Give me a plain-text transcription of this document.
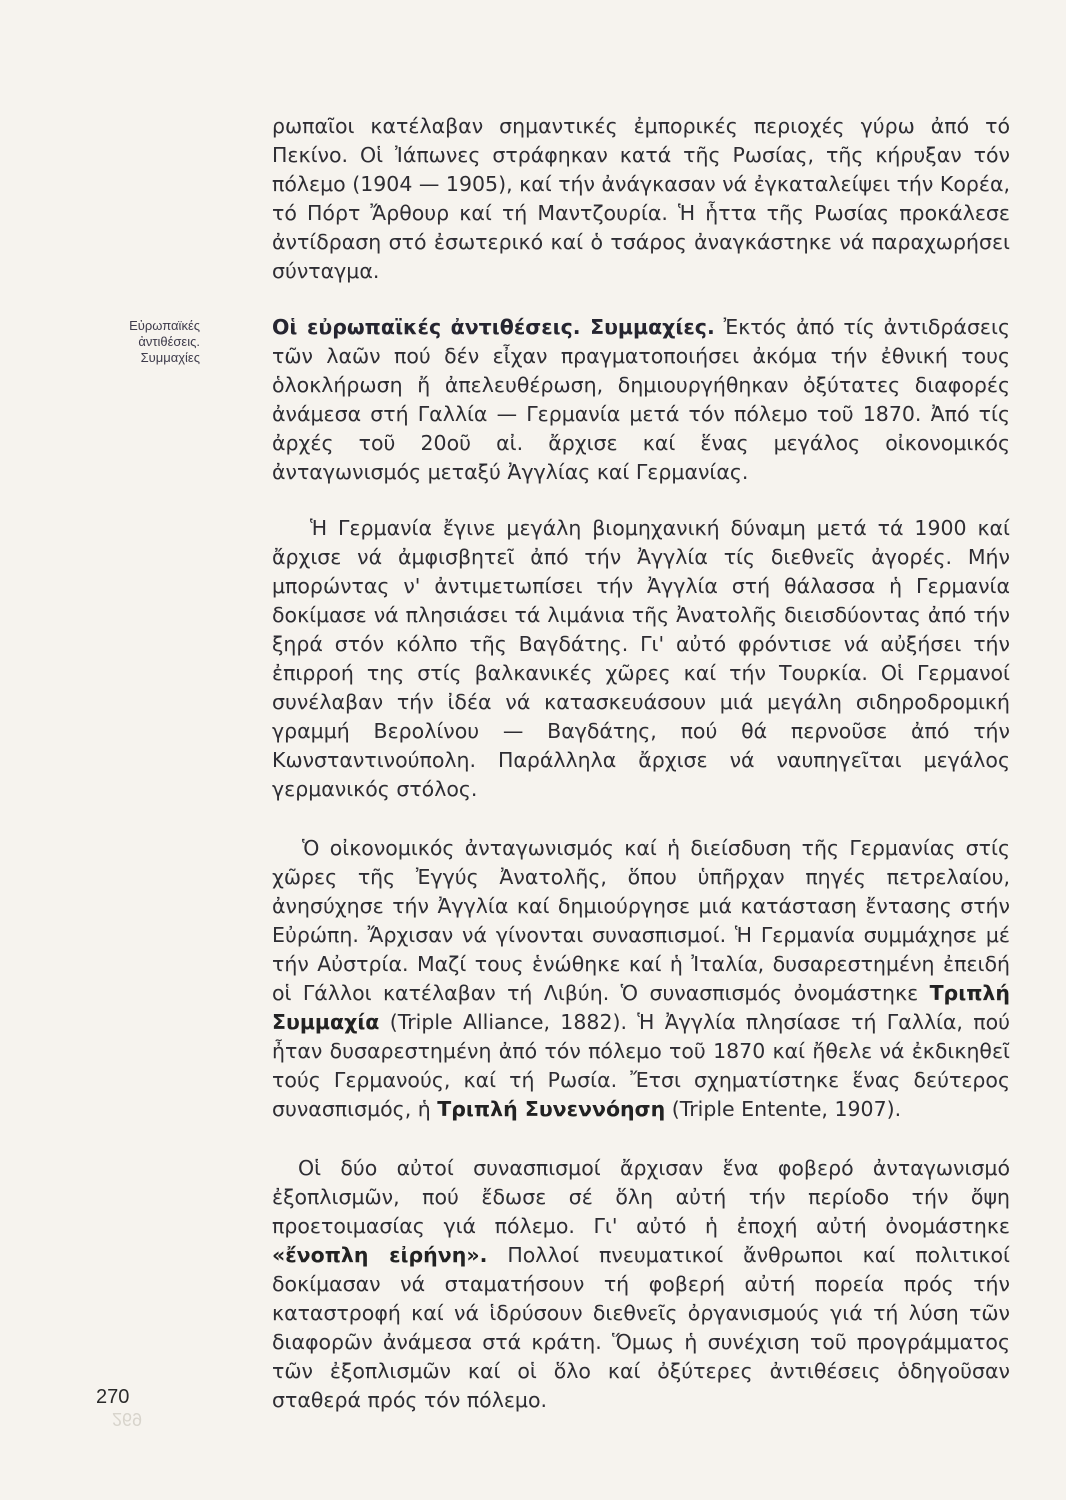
Εὐρωπαϊκές
ἀντιθέσεις.
Συμμαχίες

ρωπαῖοι κατέλαβαν σημαντικές ἐμπορικές περιοχές γύρω ἀπό τό Πεκίνο. Οἱ Ἰάπωνες στράφηκαν κατά τῆς Ρωσίας, τῆς κήρυξαν τόν πόλεμο (1904 — 1905), καί τήν ἀνάγκασαν νά ἐγκαταλείψει τήν Κορέα, τό Πόρτ Ἄρθουρ καί τή Μαντζουρία. Ἡ ἧττα τῆς Ρωσίας προκάλεσε ἀντίδραση στό ἐσωτερικό καί ὁ τσάρος ἀναγκάστηκε νά παραχωρήσει σύνταγμα.

Οἱ εὐρωπαϊκές ἀντιθέσεις. Συμμαχίες. Ἐκτός ἀπό τίς ἀντιδράσεις τῶν λαῶν πού δέν εἶχαν πραγματοποιήσει ἀκόμα τήν ἐθνική τους ὁλοκλήρωση ἤ ἀπελευθέρωση, δημιουργήθηκαν ὀξύτατες διαφορές ἀνάμεσα στή Γαλλία — Γερμανία μετά τόν πόλεμο τοῦ 1870. Ἀπό τίς ἀρχές τοῦ 20οῦ αἰ. ἄρχισε καί ἕνας μεγάλος οἰκονομικός ἀνταγωνισμός μεταξύ Ἀγγλίας καί Γερμανίας.

Ἡ Γερμανία ἔγινε μεγάλη βιομηχανική δύναμη μετά τά 1900 καί ἄρχισε νά ἀμφισβητεῖ ἀπό τήν Ἀγγλία τίς διεθνεῖς ἀγορές. Μήν μπορώντας ν' ἀντιμετωπίσει τήν Ἀγγλία στή θάλασσα ἡ Γερμανία δοκίμασε νά πλησιάσει τά λιμάνια τῆς Ἀνατολῆς διεισδύοντας ἀπό τήν ξηρά στόν κόλπο τῆς Βαγδάτης. Γι' αὐτό φρόντισε νά αὐξήσει τήν ἐπιρροή της στίς βαλκανικές χῶρες καί τήν Τουρκία. Οἱ Γερμανοί συνέλαβαν τήν ἰδέα νά κατασκευάσουν μιά μεγάλη σιδηροδρομική γραμμή Βερολίνου — Βαγδάτης, πού θά περνοῦσε ἀπό τήν Κωνσταντινούπολη. Παράλληλα ἄρχισε νά ναυπηγεῖται μεγάλος γερμανικός στόλος.

Ὁ οἰκονομικός ἀνταγωνισμός καί ἡ διείσδυση τῆς Γερμανίας στίς χῶρες τῆς Ἐγγύς Ἀνατολῆς, ὅπου ὑπῆρχαν πηγές πετρελαίου, ἀνησύχησε τήν Ἀγγλία καί δημιούργησε μιά κατάσταση ἔντασης στήν Εὐρώπη. Ἄρχισαν νά γίνονται συνασπισμοί. Ἡ Γερμανία συμμάχησε μέ τήν Αὐστρία. Μαζί τους ἑνώθηκε καί ἡ Ἰταλία, δυσαρεστημένη ἐπειδή οἱ Γάλλοι κατέλαβαν τή Λιβύη. Ὁ συνασπισμός ὀνομάστηκε Τριπλή Συμμαχία (Triple Alliance, 1882). Ἡ Ἀγγλία πλησίασε τή Γαλλία, πού ἦταν δυσαρεστημένη ἀπό τόν πόλεμο τοῦ 1870 καί ἤθελε νά ἐκδικηθεῖ τούς Γερμανούς, καί τή Ρωσία. Ἔτσι σχηματίστηκε ἕνας δεύτερος συνασπισμός, ἡ Τριπλή Συνεννόηση (Triple Entente, 1907).

Οἱ δύο αὐτοί συνασπισμοί ἄρχισαν ἕνα φοβερό ἀνταγωνισμό ἐξοπλισμῶν, πού ἔδωσε σέ ὅλη αὐτή τήν περίοδο τήν ὄψη προετοιμασίας γιά πόλεμο. Γι' αὐτό ἡ ἐποχή αὐτή ὀνομάστηκε «ἔνοπλη εἰρήνη». Πολλοί πνευματικοί ἄνθρωποι καί πολιτικοί δοκίμασαν νά σταματήσουν τή φοβερή αὐτή πορεία πρός τήν καταστροφή καί νά ἱδρύσουν διεθνεῖς ὀργανισμούς γιά τή λύση τῶν διαφορῶν ἀνάμεσα στά κράτη. Ὅμως ἡ συνέχιση τοῦ προγράμματος τῶν ἐξοπλισμῶν καί οἱ ὅλο καί ὀξύτερες ἀντιθέσεις ὁδηγοῦσαν σταθερά πρός τόν πόλεμο.

270
269
